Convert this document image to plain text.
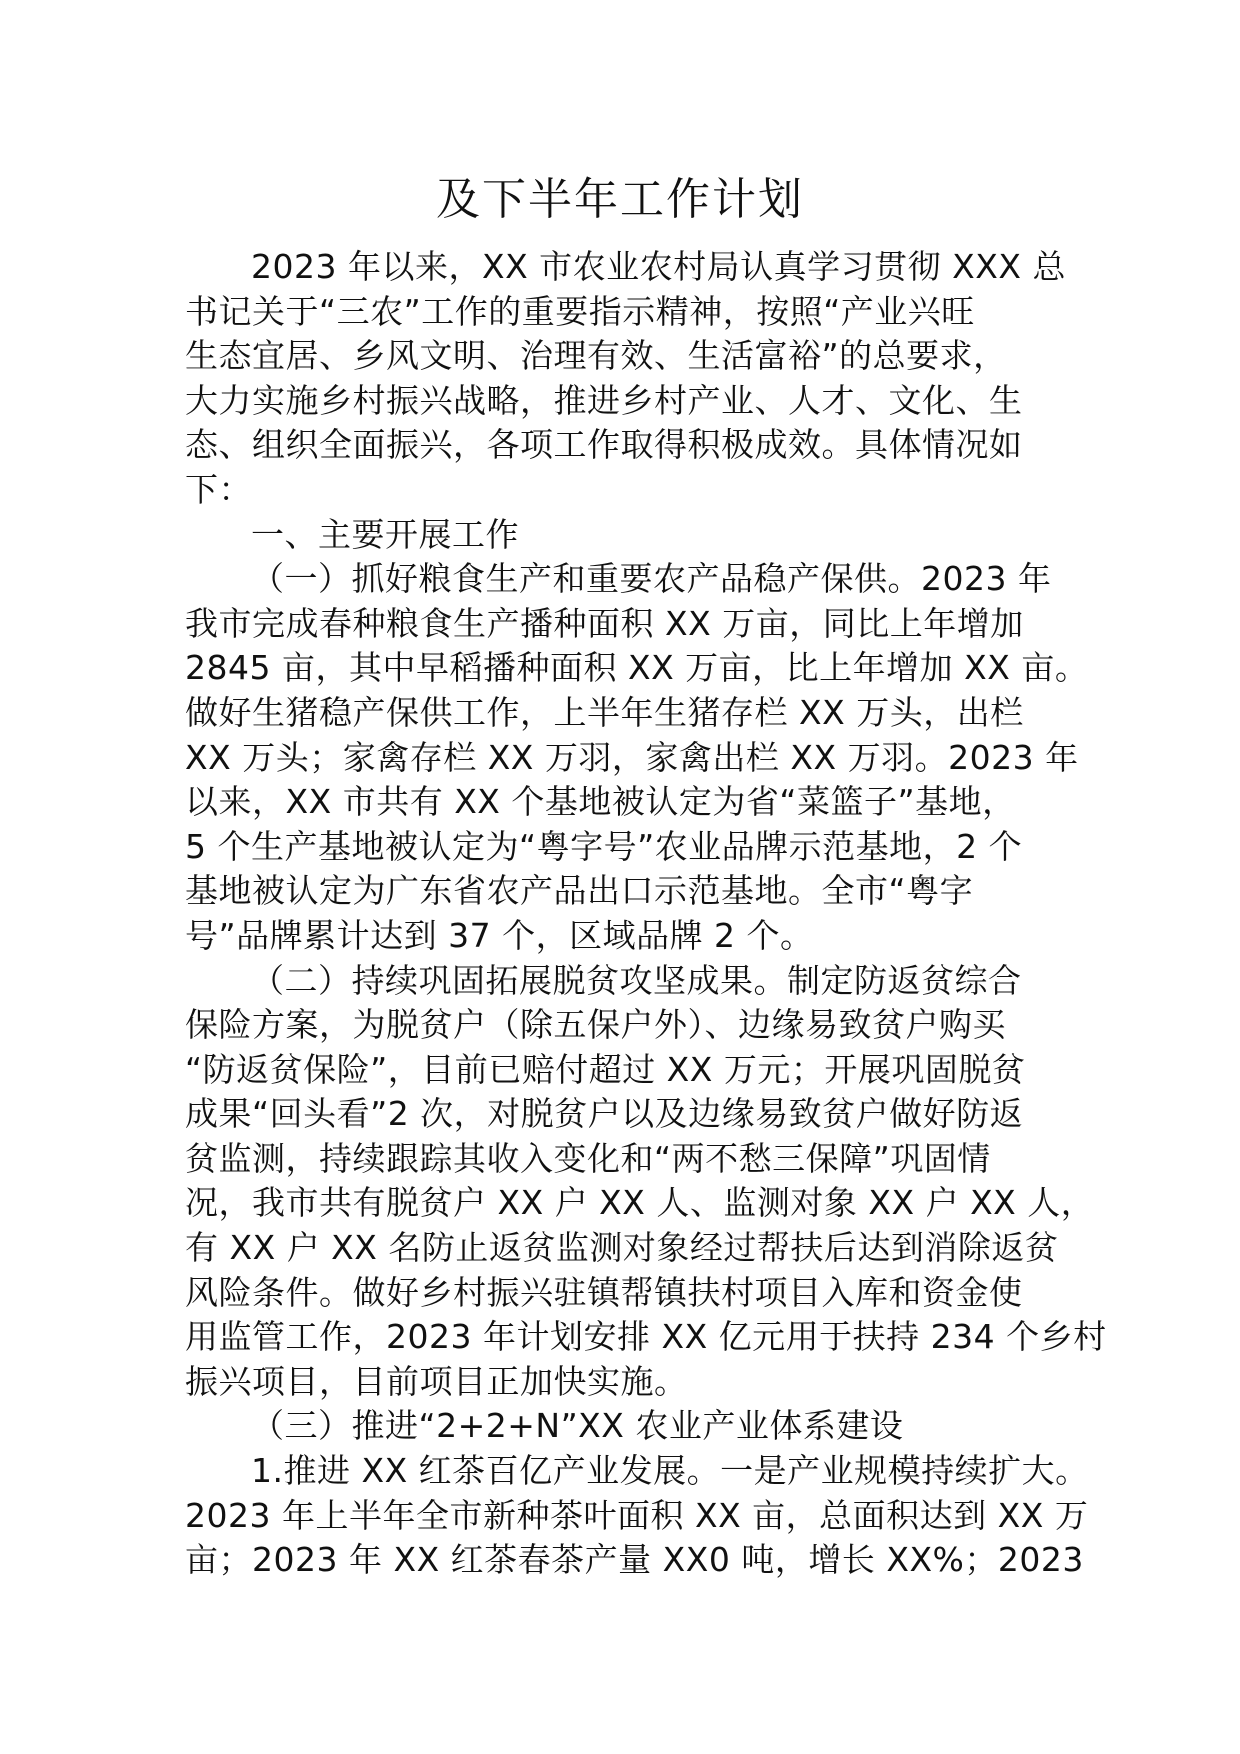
及下半年工作计划
2023 年以来，XX 市农业农村局认真学习贯彻 XXX 总
书记关于“三农”工作的重要指示精神，按照“产业兴旺
生态宜居、乡风文明、治理有效、生活富裕”的总要求，
大力实施乡村振兴战略，推进乡村产业、人才、文化、生
态、组织全面振兴，各项工作取得积极成效。具体情况如
下：
一、主要开展工作
（一）抓好粮食生产和重要农产品稳产保供。2023 年
我市完成春种粮食生产播种面积 XX 万亩，同比上年增加
2845 亩，其中早稻播种面积 XX 万亩，比上年增加 XX 亩。
做好生猪稳产保供工作，上半年生猪存栏 XX 万头，出栏
XX 万头；家禽存栏 XX 万羽，家禽出栏 XX 万羽。2023 年
以来，XX 市共有 XX 个基地被认定为省“菜篮子”基地，
5 个生产基地被认定为“粤字号”农业品牌示范基地，2 个
基地被认定为广东省农产品出口示范基地。全市“粤字
号”品牌累计达到 37 个，区域品牌 2 个。
（二）持续巩固拓展脱贫攻坚成果。制定防返贫综合
保险方案，为脱贫户（除五保户外）、边缘易致贫户购买
“防返贫保险”，目前已赔付超过 XX 万元；开展巩固脱贫
成果“回头看”2 次，对脱贫户以及边缘易致贫户做好防返
贫监测，持续跟踪其收入变化和“两不愁三保障”巩固情
况，我市共有脱贫户 XX 户 XX 人、监测对象 XX 户 XX 人，
有 XX 户 XX 名防止返贫监测对象经过帮扶后达到消除返贫
风险条件。做好乡村振兴驻镇帮镇扶村项目入库和资金使
用监管工作，2023 年计划安排 XX 亿元用于扶持 234 个乡村
振兴项目，目前项目正加快实施。
（三）推进“2+2+N”XX 农业产业体系建设
1.推进 XX 红茶百亿产业发展。一是产业规模持续扩大。
2023 年上半年全市新种茶叶面积 XX 亩，总面积达到 XX 万
亩；2023 年 XX 红茶春茶产量 XX0 吨，增长 XX%；2023
